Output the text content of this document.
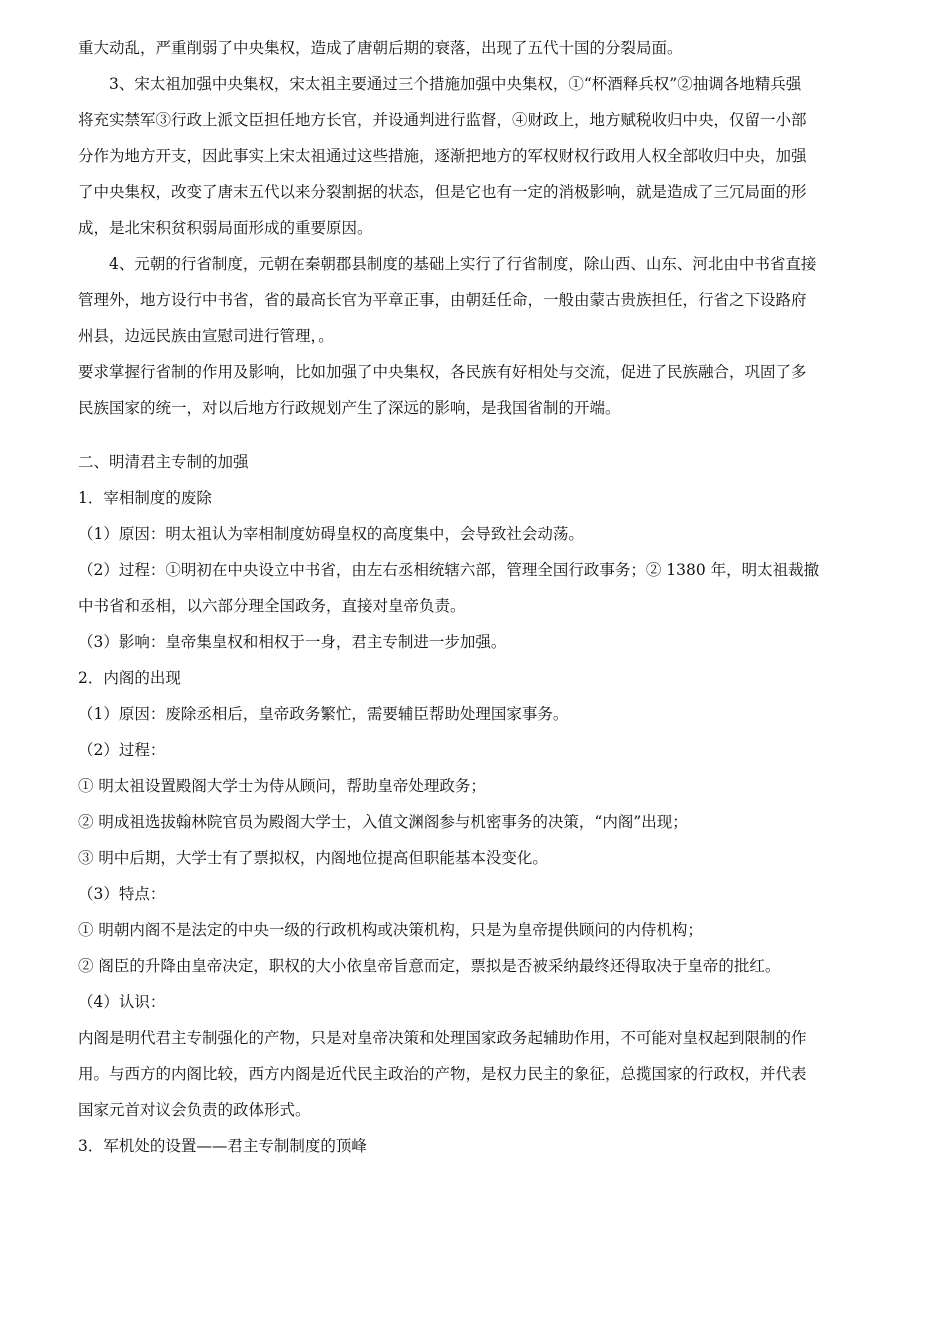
重大动乱，严重削弱了中央集权，造成了唐朝后期的衰落，出现了五代十国的分裂局面。
3、宋太祖加强中央集权，宋太祖主要通过三个措施加强中央集权，①“杯酒释兵权”②抽调各地精兵强
将充实禁军③行政上派文臣担任地方长官，并设通判进行监督，④财政上，地方赋税收归中央，仅留一小部
分作为地方开支，因此事实上宋太祖通过这些措施，逐渐把地方的军权财权行政用人权全部收归中央，加强
了中央集权，改变了唐末五代以来分裂割据的状态，但是它也有一定的消极影响，就是造成了三冗局面的形
成，是北宋积贫积弱局面形成的重要原因。
4、元朝的行省制度，元朝在秦朝郡县制度的基础上实行了行省制度，除山西、山东、河北由中书省直接
管理外，地方设行中书省，省的最高长官为平章正事，由朝廷任命，一般由蒙古贵族担任，行省之下设路府
州县，边远民族由宣慰司进行管理，。
要求掌握行省制的作用及影响，比如加强了中央集权，各民族有好相处与交流，促进了民族融合，巩固了多
民族国家的统一，对以后地方行政规划产生了深远的影响，是我国省制的开端。
二、明清君主专制的加强
1．宰相制度的废除
（1）原因：明太祖认为宰相制度妨碍皇权的高度集中，会导致社会动荡。
（2）过程：①明初在中央设立中书省，由左右丞相统辖六部，管理全国行政事务；② 1380 年，明太祖裁撤
中书省和丞相，以六部分理全国政务，直接对皇帝负责。
（3）影响：皇帝集皇权和相权于一身，君主专制进一步加强。
2．内阁的出现
（1）原因：废除丞相后，皇帝政务繁忙，需要辅臣帮助处理国家事务。
（2）过程：
① 明太祖设置殿阁大学士为侍从顾问，帮助皇帝处理政务；
② 明成祖选拔翰林院官员为殿阁大学士，入值文渊阁参与机密事务的决策，“内阁”出现；
③ 明中后期，大学士有了票拟权，内阁地位提高但职能基本没变化。
（3）特点：
① 明朝内阁不是法定的中央一级的行政机构或决策机构，只是为皇帝提供顾问的内侍机构；
② 阁臣的升降由皇帝决定，职权的大小依皇帝旨意而定，票拟是否被采纳最终还得取决于皇帝的批红。
（4）认识：
内阁是明代君主专制强化的产物，只是对皇帝决策和处理国家政务起辅助作用，不可能对皇权起到限制的作
用。与西方的内阁比较，西方内阁是近代民主政治的产物，是权力民主的象征，总揽国家的行政权，并代表
国家元首对议会负责的政体形式。
3．军机处的设置——君主专制制度的顶峰
